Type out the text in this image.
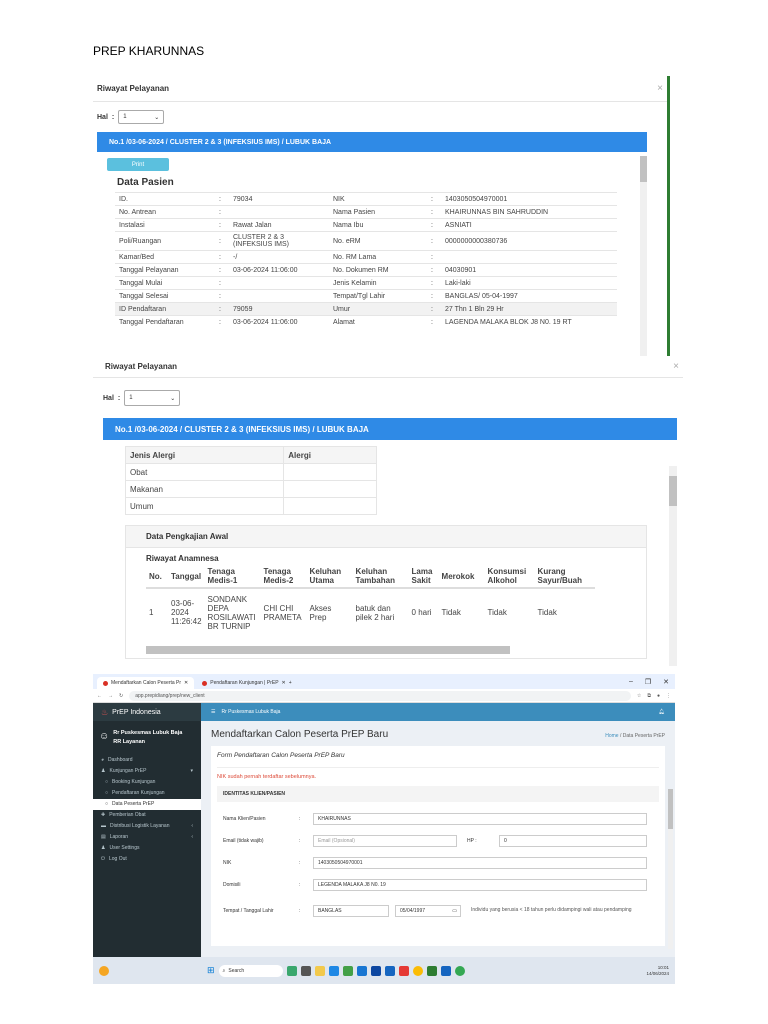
PREP KHARUNNAS
Riwayat Pelayanan	×
Hal : 1	⌄
No.1 /03-06-2024 / CLUSTER 2 & 3 (INFEKSIUS IMS) / LUBUK BAJA
Print
Data Pasien
ID.	:	79034	NIK	:	1403050504970001
No. Antrean	:		Nama Pasien	:	KHAIRUNNAS BIN SAHRUDDIN
Instalasi	:	Rawat Jalan	Nama Ibu	:	ASNIATI
Poli/Ruangan	:	CLUSTER 2 & 3 (INFEKSIUS IMS)	No. eRM	:	0000000000380736
Kamar/Bed	:	-/	No. RM Lama	:	
Tanggal Pelayanan	:	03-06-2024 11:06:00	No. Dokumen RM	:	04030901
Tanggal Mulai	:		Jenis Kelamin	:	Laki-laki
Tanggal Selesai	:		Tempat/Tgl Lahir	:	BANGLAS/ 05-04-1997
ID Pendaftaran	:	79059	Umur	:	27 Thn 1 Bln 29 Hr
Tanggal Pendaftaran	:	03-06-2024 11:06:00	Alamat	:	LAGENDA MALAKA BLOK J8 N0. 19 RT
Riwayat Pelayanan	×
Hal : 1	⌄
No.1 /03-06-2024 / CLUSTER 2 & 3 (INFEKSIUS IMS) / LUBUK BAJA
Jenis Alergi	Alergi
Obat	
Makanan	
Umum	
Data Pengkajian Awal
Riwayat Anamnesa
No.	Tanggal	Tenaga Medis-1	Tenaga Medis-2	Keluhan Utama	Keluhan Tambahan	Lama Sakit	Merokok	Konsumsi Alkohol	Kurang Sayur/Buah
1	03-06-2024 11:26:42	SONDANK DEPA ROSILAWATI BR TURNIP	CHI CHI PRAMETA	Akses Prep	batuk dan pilek 2 hari	0 hari	Tidak	Tidak	Tidak
Mendaftarkan Calon Peserta Pr ✕	Pendaftaran Kunjungan | PrEP ✕ +	– ❐ ✕
← → ↻	app.prepidiang/prep/new_client	☆ ⧉ ● ⋮
♨ PrEP Indonesia
☺ Rr Puskesmas Lubuk Baja
RR Layanan
◕ Dashboard
♟ Kunjungan PrEP	▾
○ Booking Kunjungan
○ Pendaftaran Kunjungan
○ Data Peserta PrEP
✚ Pemberian Obat
▬ Distribusi Logistik Layanan	‹
▤ Laporan	‹
♟ User Settings
⏻ Log Out
☰ Rr Puskesmas Lubuk Baja	🔔︎
Mendaftarkan Calon Peserta PrEP Baru	Home / Data Peserta PrEP
Form Pendaftaran Calon Peserta PrEP Baru
NIK sudah pernah terdaftar sebelumnya.
IDENTITAS KLIEN/PASIEN
Nama Klien/Pasien	:	KHAIRUNNAS
Email (tidak wajib)	:	Email (Opsional)	HP :	0
NIK	:	1403050504970001
Domisili	:	LEGENDA MALAKA J8 N0. 19
Tempat / Tanggal Lahir	:	BANGLAS	05/04/1997	▭	Individu yang berusia < 18 tahun perlu didampingi wali atau pendamping
⊞ ⌕ Search
10:01
14/06/2024
